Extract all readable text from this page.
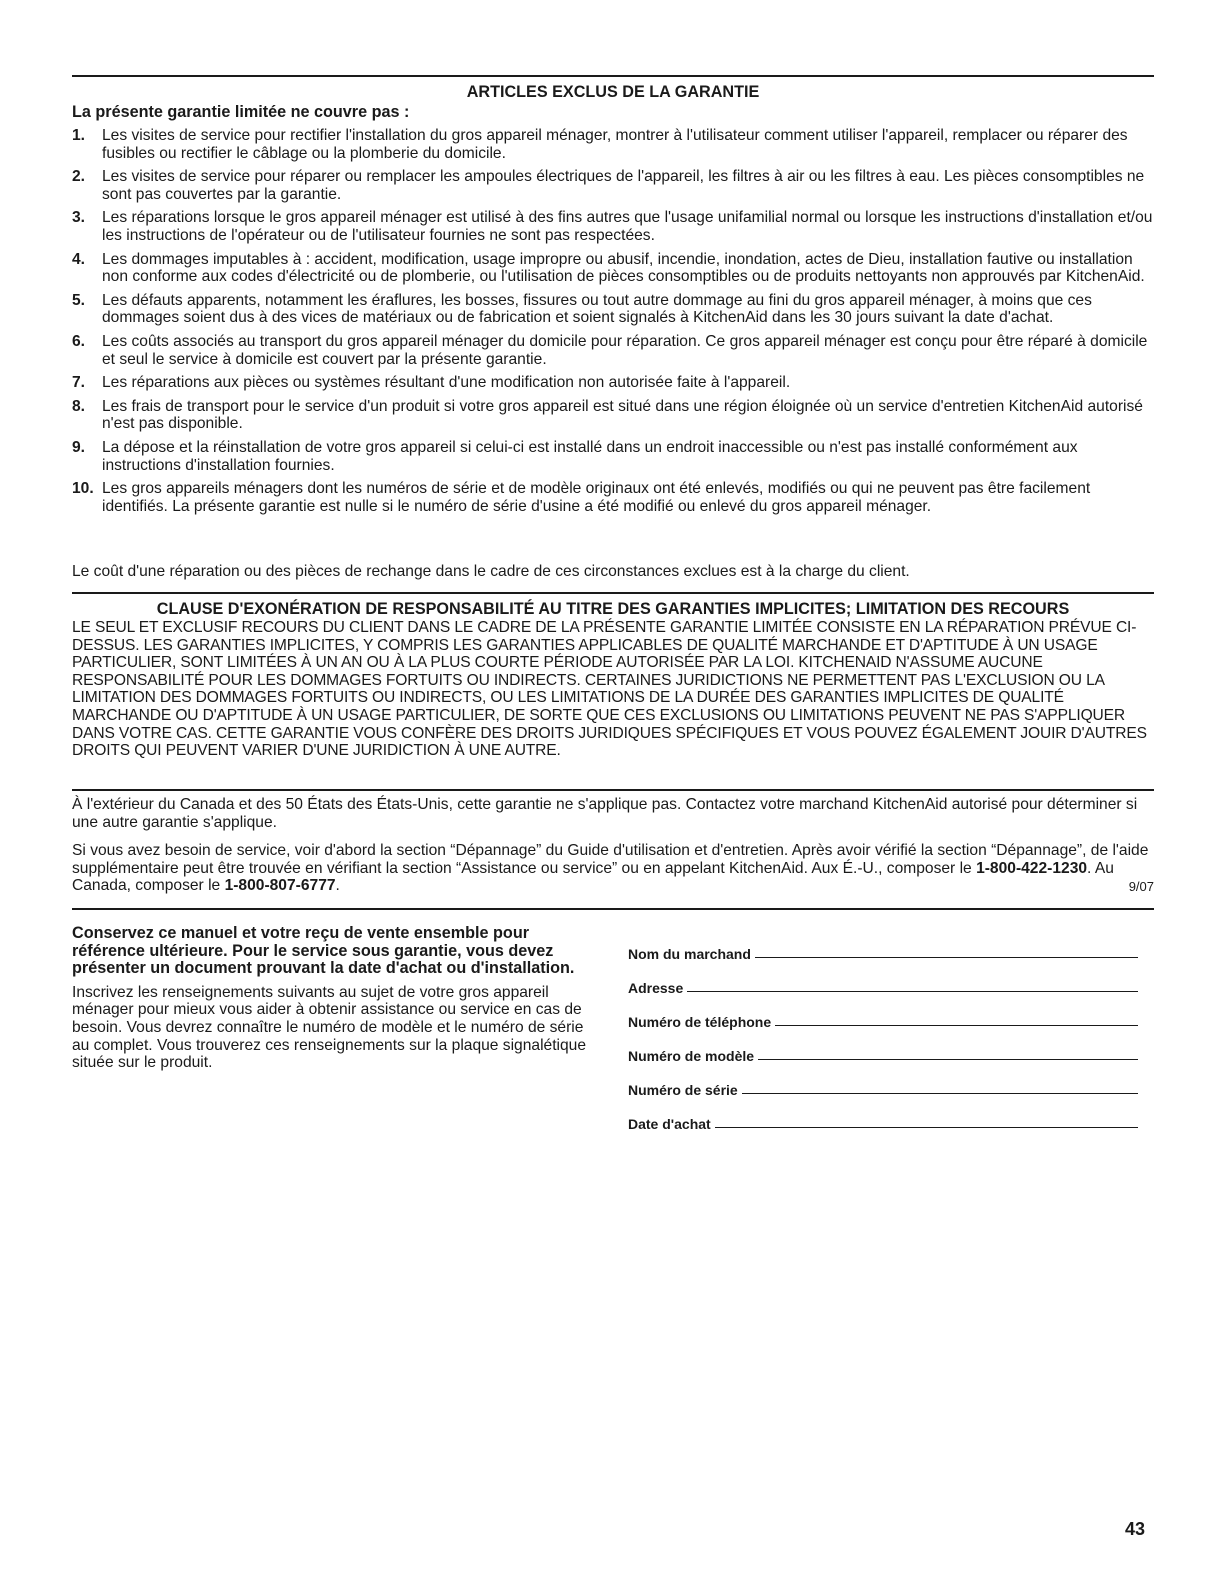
ARTICLES EXCLUS DE LA GARANTIE
La présente garantie limitée ne couvre pas :
1.	Les visites de service pour rectifier l'installation du gros appareil ménager, montrer à l'utilisateur comment utiliser l'appareil, remplacer ou réparer des fusibles ou rectifier le câblage ou la plomberie du domicile.
2.	Les visites de service pour réparer ou remplacer les ampoules électriques de l'appareil, les filtres à air ou les filtres à eau. Les pièces consomptibles ne sont pas couvertes par la garantie.
3.	Les réparations lorsque le gros appareil ménager est utilisé à des fins autres que l'usage unifamilial normal ou lorsque les instructions d'installation et/ou les instructions de l'opérateur ou de l'utilisateur fournies ne sont pas respectées.
4.	Les dommages imputables à : accident, modification, usage impropre ou abusif, incendie, inondation, actes de Dieu, installation fautive ou installation non conforme aux codes d'électricité ou de plomberie, ou l'utilisation de pièces consomptibles ou de produits nettoyants non approuvés par KitchenAid.
5.	Les défauts apparents, notamment les éraflures, les bosses, fissures ou tout autre dommage au fini du gros appareil ménager, à moins que ces dommages soient dus à des vices de matériaux ou de fabrication et soient signalés à KitchenAid dans les 30 jours suivant la date d'achat.
6.	Les coûts associés au transport du gros appareil ménager du domicile pour réparation. Ce gros appareil ménager est conçu pour être réparé à domicile et seul le service à domicile est couvert par la présente garantie.
7.	Les réparations aux pièces ou systèmes résultant d'une modification non autorisée faite à l'appareil.
8.	Les frais de transport pour le service d'un produit si votre gros appareil est situé dans une région éloignée où un service d'entretien KitchenAid autorisé n'est pas disponible.
9.	La dépose et la réinstallation de votre gros appareil si celui-ci est installé dans un endroit inaccessible ou n'est pas installé conformément aux instructions d'installation fournies.
10. Les gros appareils ménagers dont les numéros de série et de modèle originaux ont été enlevés, modifiés ou qui ne peuvent pas être facilement identifiés. La présente garantie est nulle si le numéro de série d'usine a été modifié ou enlevé du gros appareil ménager.
Le coût d'une réparation ou des pièces de rechange dans le cadre de ces circonstances exclues est à la charge du client.
CLAUSE D'EXONÉRATION DE RESPONSABILITÉ AU TITRE DES GARANTIES IMPLICITES; LIMITATION DES RECOURS
LE SEUL ET EXCLUSIF RECOURS DU CLIENT DANS LE CADRE DE LA PRÉSENTE GARANTIE LIMITÉE CONSISTE EN LA RÉPARATION PRÉVUE CI-DESSUS. LES GARANTIES IMPLICITES, Y COMPRIS LES GARANTIES APPLICABLES DE QUALITÉ MARCHANDE ET D'APTITUDE À UN USAGE PARTICULIER, SONT LIMITÉES À UN AN OU À LA PLUS COURTE PÉRIODE AUTORISÉE PAR LA LOI. KITCHENAID N'ASSUME AUCUNE RESPONSABILITÉ POUR LES DOMMAGES FORTUITS OU INDIRECTS. CERTAINES JURIDICTIONS NE PERMETTENT PAS L'EXCLUSION OU LA LIMITATION DES DOMMAGES FORTUITS OU INDIRECTS, OU LES LIMITATIONS DE LA DURÉE DES GARANTIES IMPLICITES DE QUALITÉ MARCHANDE OU D'APTITUDE À UN USAGE PARTICULIER, DE SORTE QUE CES EXCLUSIONS OU LIMITATIONS PEUVENT NE PAS S'APPLIQUER DANS VOTRE CAS. CETTE GARANTIE VOUS CONFÈRE DES DROITS JURIDIQUES SPÉCIFIQUES ET VOUS POUVEZ ÉGALEMENT JOUIR D'AUTRES DROITS QUI PEUVENT VARIER D'UNE JURIDICTION À UNE AUTRE.
À l'extérieur du Canada et des 50 États des États-Unis, cette garantie ne s'applique pas. Contactez votre marchand KitchenAid autorisé pour déterminer si une autre garantie s'applique.
Si vous avez besoin de service, voir d'abord la section “Dépannage” du Guide d'utilisation et d'entretien. Après avoir vérifié la section “Dépannage”, de l'aide supplémentaire peut être trouvée en vérifiant la section “Assistance ou service” ou en appelant KitchenAid. Aux É.-U., composer le 1-800-422-1230. Au Canada, composer le 1-800-807-6777.	9/07
Conservez ce manuel et votre reçu de vente ensemble pour référence ultérieure. Pour le service sous garantie, vous devez présenter un document prouvant la date d'achat ou d'installation.
Inscrivez les renseignements suivants au sujet de votre gros appareil ménager pour mieux vous aider à obtenir assistance ou service en cas de besoin. Vous devrez connaître le numéro de modèle et le numéro de série au complet. Vous trouverez ces renseignements sur la plaque signalétique située sur le produit.
Nom du marchand
Adresse
Numéro de téléphone
Numéro de modèle
Numéro de série
Date d'achat
43
